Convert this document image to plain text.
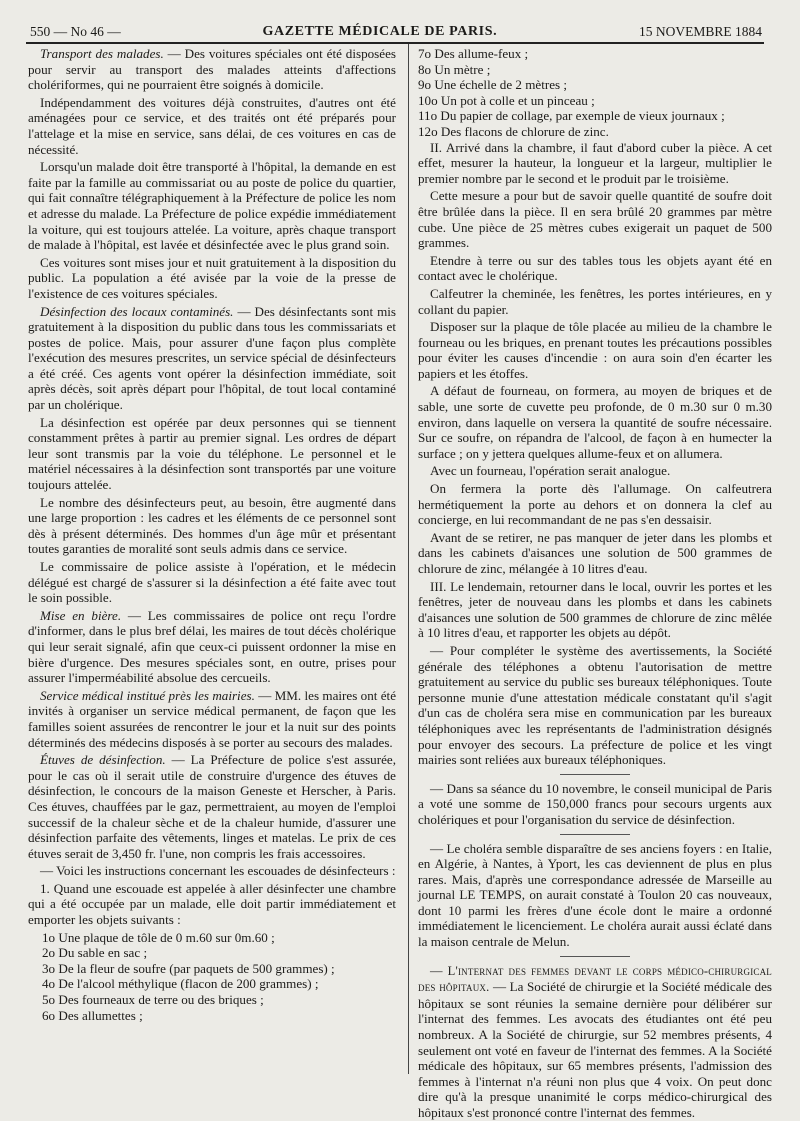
550 — No 46 —	GAZETTE MÉDICALE DE PARIS.	15 NOVEMBRE 1884

Transport des malades. — Des voitures spéciales ont été disposées pour servir au transport des malades atteints d'affections cholériformes, qui ne pourraient être soignés à domicile.

Indépendamment des voitures déjà construites, d'autres ont été aménagées pour ce service, et des traités ont été préparés pour l'attelage et la mise en service, sans délai, de ces voitures en cas de nécessité.

Lorsqu'un malade doit être transporté à l'hôpital, la demande en est faite par la famille au commissariat ou au poste de police du quartier, qui fait connaître télégraphiquement à la Préfecture de police les nom et adresse du malade. La Préfecture de police expédie immédiatement la voiture, qui est toujours attelée. La voiture, après chaque transport de malade à l'hôpital, est lavée et désinfectée avec le plus grand soin.

Ces voitures sont mises jour et nuit gratuitement à la disposition du public. La population a été avisée par la voie de la presse de l'existence de ces voitures spéciales.

Désinfection des locaux contaminés. — Des désinfectants sont mis gratuitement à la disposition du public dans tous les commissariats et postes de police. Mais, pour assurer d'une façon plus complète l'exécution des mesures prescrites, un service spécial de désinfecteurs a été créé. Ces agents vont opérer la désinfection immédiate, soit après décès, soit après départ pour l'hôpital, de tout local contaminé par un cholérique.

La désinfection est opérée par deux personnes qui se tiennent constamment prêtes à partir au premier signal. Les ordres de départ leur sont transmis par la voie du téléphone. Le personnel et le matériel nécessaires à la désinfection sont transportés par une voiture toujours attelée.

Le nombre des désinfecteurs peut, au besoin, être augmenté dans une large proportion : les cadres et les éléments de ce personnel sont dès à présent déterminés. Des hommes d'un âge mûr et présentant toutes garanties de moralité sont seuls admis dans ce service.

Le commissaire de police assiste à l'opération, et le médecin délégué est chargé de s'assurer si la désinfection a été faite avec tout le soin possible.

Mise en bière. — Les commissaires de police ont reçu l'ordre d'informer, dans le plus bref délai, les maires de tout décès cholérique qui leur serait signalé, afin que ceux-ci puissent ordonner la mise en bière d'urgence. Des mesures spéciales sont, en outre, prises pour assurer l'imperméabilité absolue des cercueils.

Service médical institué près les mairies. — MM. les maires ont été invités à organiser un service médical permanent, de façon que les familles soient assurées de rencontrer le jour et la nuit sur des points déterminés des médecins disposés à se porter au secours des malades.

Étuves de désinfection. — La Préfecture de police s'est assurée, pour le cas où il serait utile de construire d'urgence des étuves de désinfection, le concours de la maison Geneste et Herscher, à Paris. Ces étuves, chauffées par le gaz, permettraient, au moyen de l'emploi successif de la chaleur sèche et de la chaleur humide, d'assurer une désinfection parfaite des vêtements, linges et matelas. Le prix de ces étuves serait de 3,450 fr. l'une, non compris les frais accessoires.

— Voici les instructions concernant les escouades de désinfecteurs :

1. Quand une escouade est appelée à aller désinfecter une chambre qui a été occupée par un malade, elle doit partir immédiatement et emporter les objets suivants :

1o Une plaque de tôle de 0 m.60 sur 0m.60 ;

2o Du sable en sac ;

3o De la fleur de soufre (par paquets de 500 grammes) ;

4o De l'alcool méthylique (flacon de 200 grammes) ;

5o Des fourneaux de terre ou des briques ;

6o Des allumettes ;

7o Des allume-feux ;

8o Un mètre ;

9o Une échelle de 2 mètres ;

10o Un pot à colle et un pinceau ;

11o Du papier de collage, par exemple de vieux journaux ;

12o Des flacons de chlorure de zinc.

II. Arrivé dans la chambre, il faut d'abord cuber la pièce. A cet effet, mesurer la hauteur, la longueur et la largeur, multiplier le premier nombre par le second et le produit par le troisième.

Cette mesure a pour but de savoir quelle quantité de soufre doit être brûlée dans la pièce. Il en sera brûlé 20 grammes par mètre cube. Une pièce de 25 mètres cubes exigerait un paquet de 500 grammes.

Etendre à terre ou sur des tables tous les objets ayant été en contact avec le cholérique.

Calfeutrer la cheminée, les fenêtres, les portes intérieures, en y collant du papier.

Disposer sur la plaque de tôle placée au milieu de la chambre le fourneau ou les briques, en prenant toutes les précautions possibles pour éviter les causes d'incendie : on aura soin d'en écarter les papiers et les étoffes.

A défaut de fourneau, on formera, au moyen de briques et de sable, une sorte de cuvette peu profonde, de 0 m.30 sur 0 m.30 environ, dans laquelle on versera la quantité de soufre nécessaire. Sur ce soufre, on répandra de l'alcool, de façon à en humecter la surface ; on y jettera quelques allume-feux et on allumera.

Avec un fourneau, l'opération serait analogue.

On fermera la porte dès l'allumage. On calfeutrera hermétiquement la porte au dehors et on donnera la clef au concierge, en lui recommandant de ne pas s'en dessaisir.

Avant de se retirer, ne pas manquer de jeter dans les plombs et dans les cabinets d'aisances une solution de 500 grammes de chlorure de zinc, mélangée à 10 litres d'eau.

III. Le lendemain, retourner dans le local, ouvrir les portes et les fenêtres, jeter de nouveau dans les plombs et dans les cabinets d'aisances une solution de 500 grammes de chlorure de zinc mêlée à 10 litres d'eau, et rapporter les objets au dépôt.

— Pour compléter le système des avertissements, la Société générale des téléphones a obtenu l'autorisation de mettre gratuitement au service du public ses bureaux téléphoniques. Toute personne munie d'une attestation médicale constatant qu'il s'agit d'un cas de choléra sera mise en communication par les bureaux téléphoniques avec les représentants de l'administration désignés pour envoyer des secours. La préfecture de police et les vingt mairies sont reliées aux bureaux téléphoniques.

— Dans sa séance du 10 novembre, le conseil municipal de Paris a voté une somme de 150,000 francs pour secours urgents aux cholériques et pour l'organisation du service de désinfection.

— Le choléra semble disparaître de ses anciens foyers : en Italie, en Algérie, à Nantes, à Yport, les cas deviennent de plus en plus rares. Mais, d'après une correspondance adressée de Marseille au journal LE TEMPS, on aurait constaté à Toulon 20 cas nouveaux, dont 10 parmi les frères d'une école dont le maire a ordonné immédiatement le licenciement. Le choléra aurait aussi éclaté dans la maison centrale de Melun.

— L'internat des femmes devant le corps médico-chirurgical des hôpitaux. — La Société de chirurgie et la Société médicale des hôpitaux se sont réunies la semaine dernière pour délibérer sur l'internat des femmes. Les avocats des étudiantes ont été peu nombreux. A la Société de chirurgie, sur 52 membres présents, 4 seulement ont voté en faveur de l'internat des femmes. A la Société médicale des hôpitaux, sur 65 membres présents, l'admission des femmes à l'internat n'a réuni non plus que 4 voix. On peut donc dire qu'à la presque unanimité le corps médico-chirurgical des hôpitaux s'est prononcé contre l'internat des femmes.
